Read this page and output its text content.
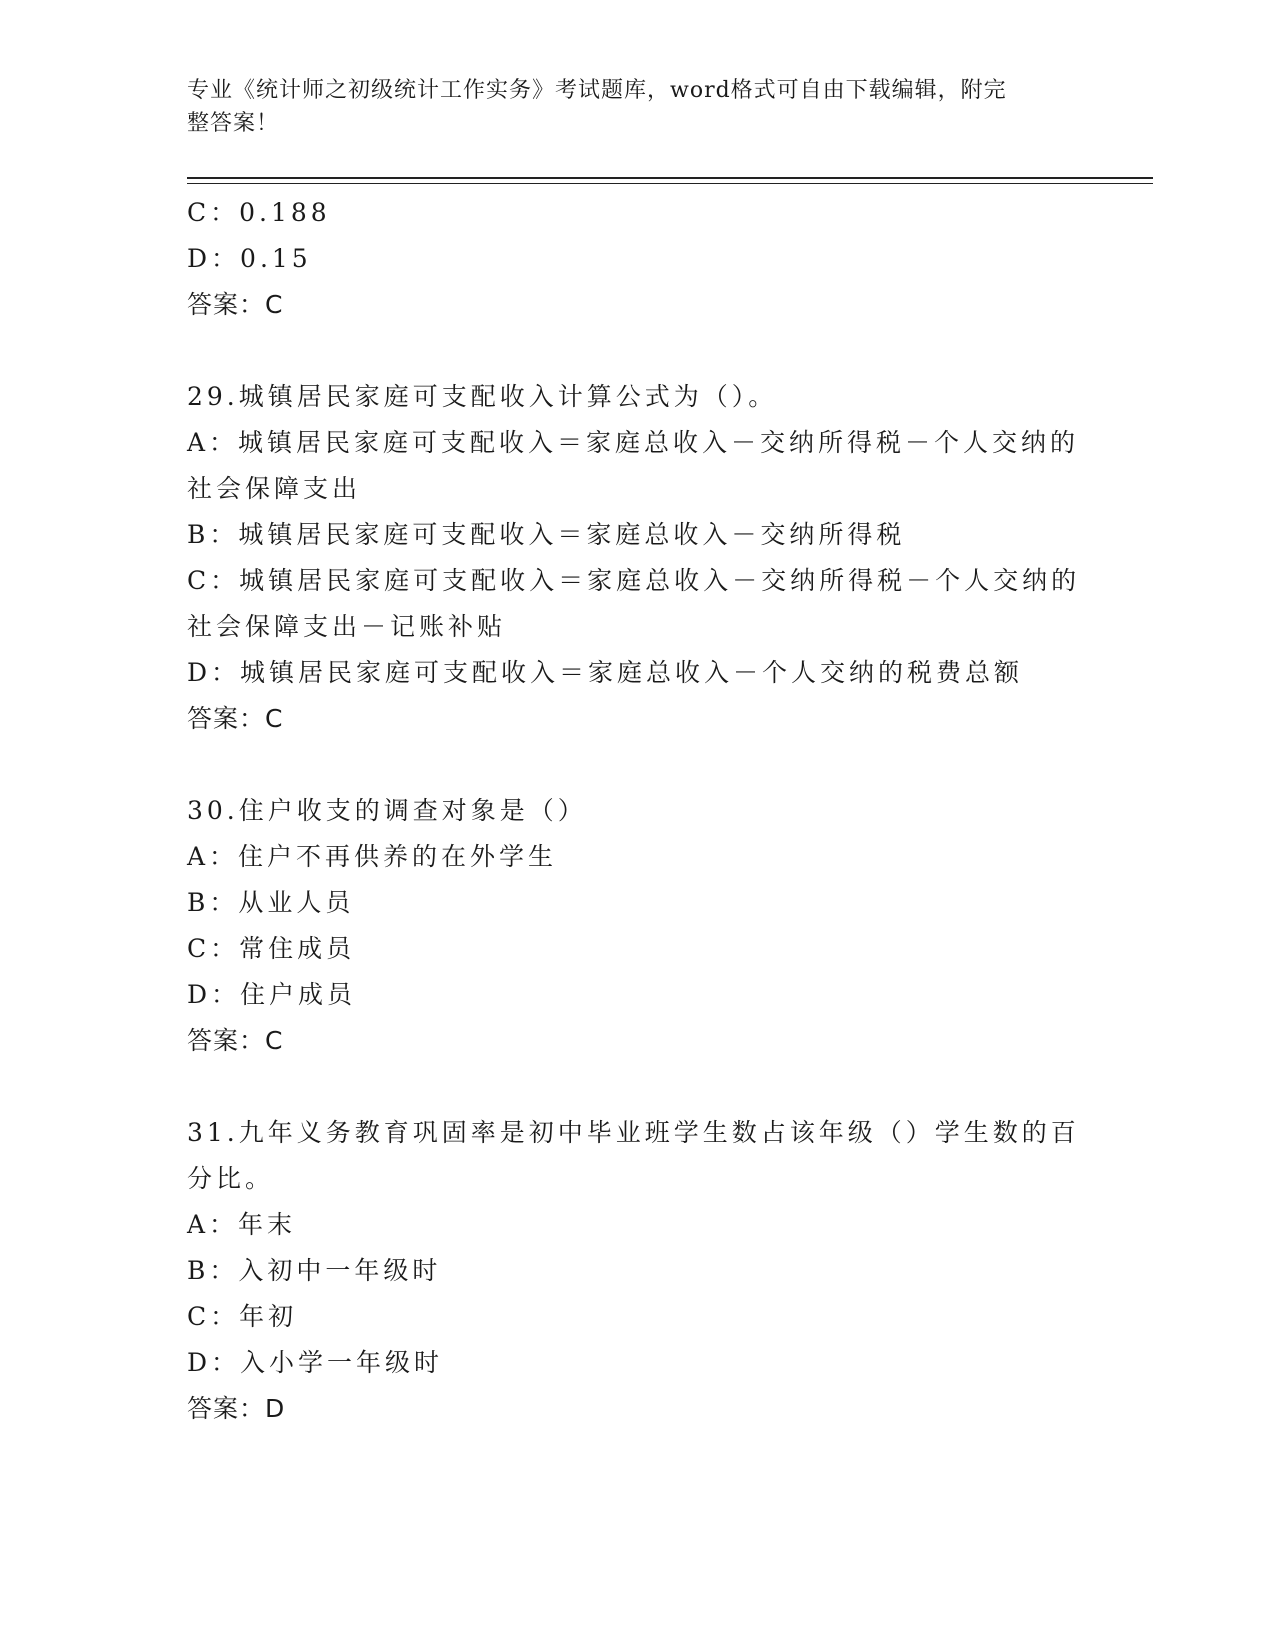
专业《统计师之初级统计工作实务》考试题库，word格式可自由下载编辑，附完
整答案！
C：0.188
D：0.15
答案：C
29.城镇居民家庭可支配收入计算公式为（）。
A：城镇居民家庭可支配收入＝家庭总收入－交纳所得税－个人交纳的
社会保障支出
B：城镇居民家庭可支配收入＝家庭总收入－交纳所得税
C：城镇居民家庭可支配收入＝家庭总收入－交纳所得税－个人交纳的
社会保障支出－记账补贴
D：城镇居民家庭可支配收入＝家庭总收入－个人交纳的税费总额
答案：C
30.住户收支的调查对象是（）
A：住户不再供养的在外学生
B：从业人员
C：常住成员
D：住户成员
答案：C
31.九年义务教育巩固率是初中毕业班学生数占该年级（）学生数的百
分比。
A：年末
B：入初中一年级时
C：年初
D：入小学一年级时
答案：D
